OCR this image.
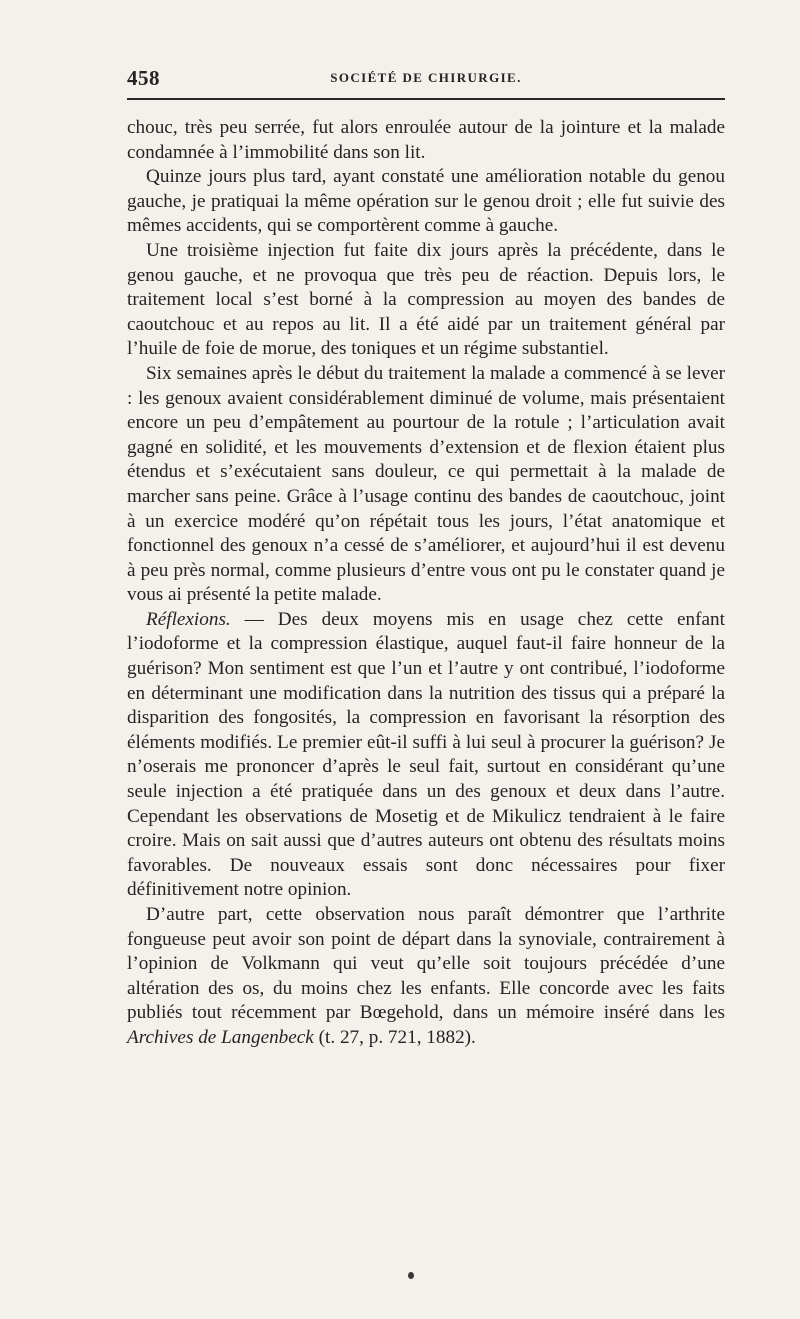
458	SOCIÉTÉ DE CHIRURGIE.

chouc, très peu serrée, fut alors enroulée autour de la jointure et la malade condamnée à l’immobilité dans son lit.

Quinze jours plus tard, ayant constaté une amélioration notable du genou gauche, je pratiquai la même opération sur le genou droit ; elle fut suivie des mêmes accidents, qui se comportèrent comme à gauche.

Une troisième injection fut faite dix jours après la précédente, dans le genou gauche, et ne provoqua que très peu de réaction. Depuis lors, le traitement local s’est borné à la compression au moyen des bandes de caoutchouc et au repos au lit. Il a été aidé par un traitement général par l’huile de foie de morue, des toniques et un régime substantiel.

Six semaines après le début du traitement la malade a commencé à se lever : les genoux avaient considérablement diminué de volume, mais présentaient encore un peu d’empâtement au pourtour de la rotule ; l’articulation avait gagné en solidité, et les mouvements d’extension et de flexion étaient plus étendus et s’exécutaient sans douleur, ce qui permettait à la malade de marcher sans peine. Grâce à l’usage continu des bandes de caoutchouc, joint à un exercice modéré qu’on répétait tous les jours, l’état anatomique et fonctionnel des genoux n’a cessé de s’améliorer, et aujourd’hui il est devenu à peu près normal, comme plusieurs d’entre vous ont pu le constater quand je vous ai présenté la petite malade.

Réflexions. — Des deux moyens mis en usage chez cette enfant l’iodoforme et la compression élastique, auquel faut-il faire honneur de la guérison? Mon sentiment est que l’un et l’autre y ont contribué, l’iodoforme en déterminant une modification dans la nutrition des tissus qui a préparé la disparition des fongosités, la compression en favorisant la résorption des éléments modifiés. Le premier eût-il suffi à lui seul à procurer la guérison? Je n’oserais me prononcer d’après le seul fait, surtout en considérant qu’une seule injection a été pratiquée dans un des genoux et deux dans l’autre. Cependant les observations de Mosetig et de Mikulicz tendraient à le faire croire. Mais on sait aussi que d’autres auteurs ont obtenu des résultats moins favorables. De nouveaux essais sont donc nécessaires pour fixer définitivement notre opinion.

D’autre part, cette observation nous paraît démontrer que l’arthrite fongueuse peut avoir son point de départ dans la synoviale, contrairement à l’opinion de Volkmann qui veut qu’elle soit toujours précédée d’une altération des os, du moins chez les enfants. Elle concorde avec les faits publiés tout récemment par Bœgehold, dans un mémoire inséré dans les Archives de Langenbeck (t. 27, p. 721, 1882).
